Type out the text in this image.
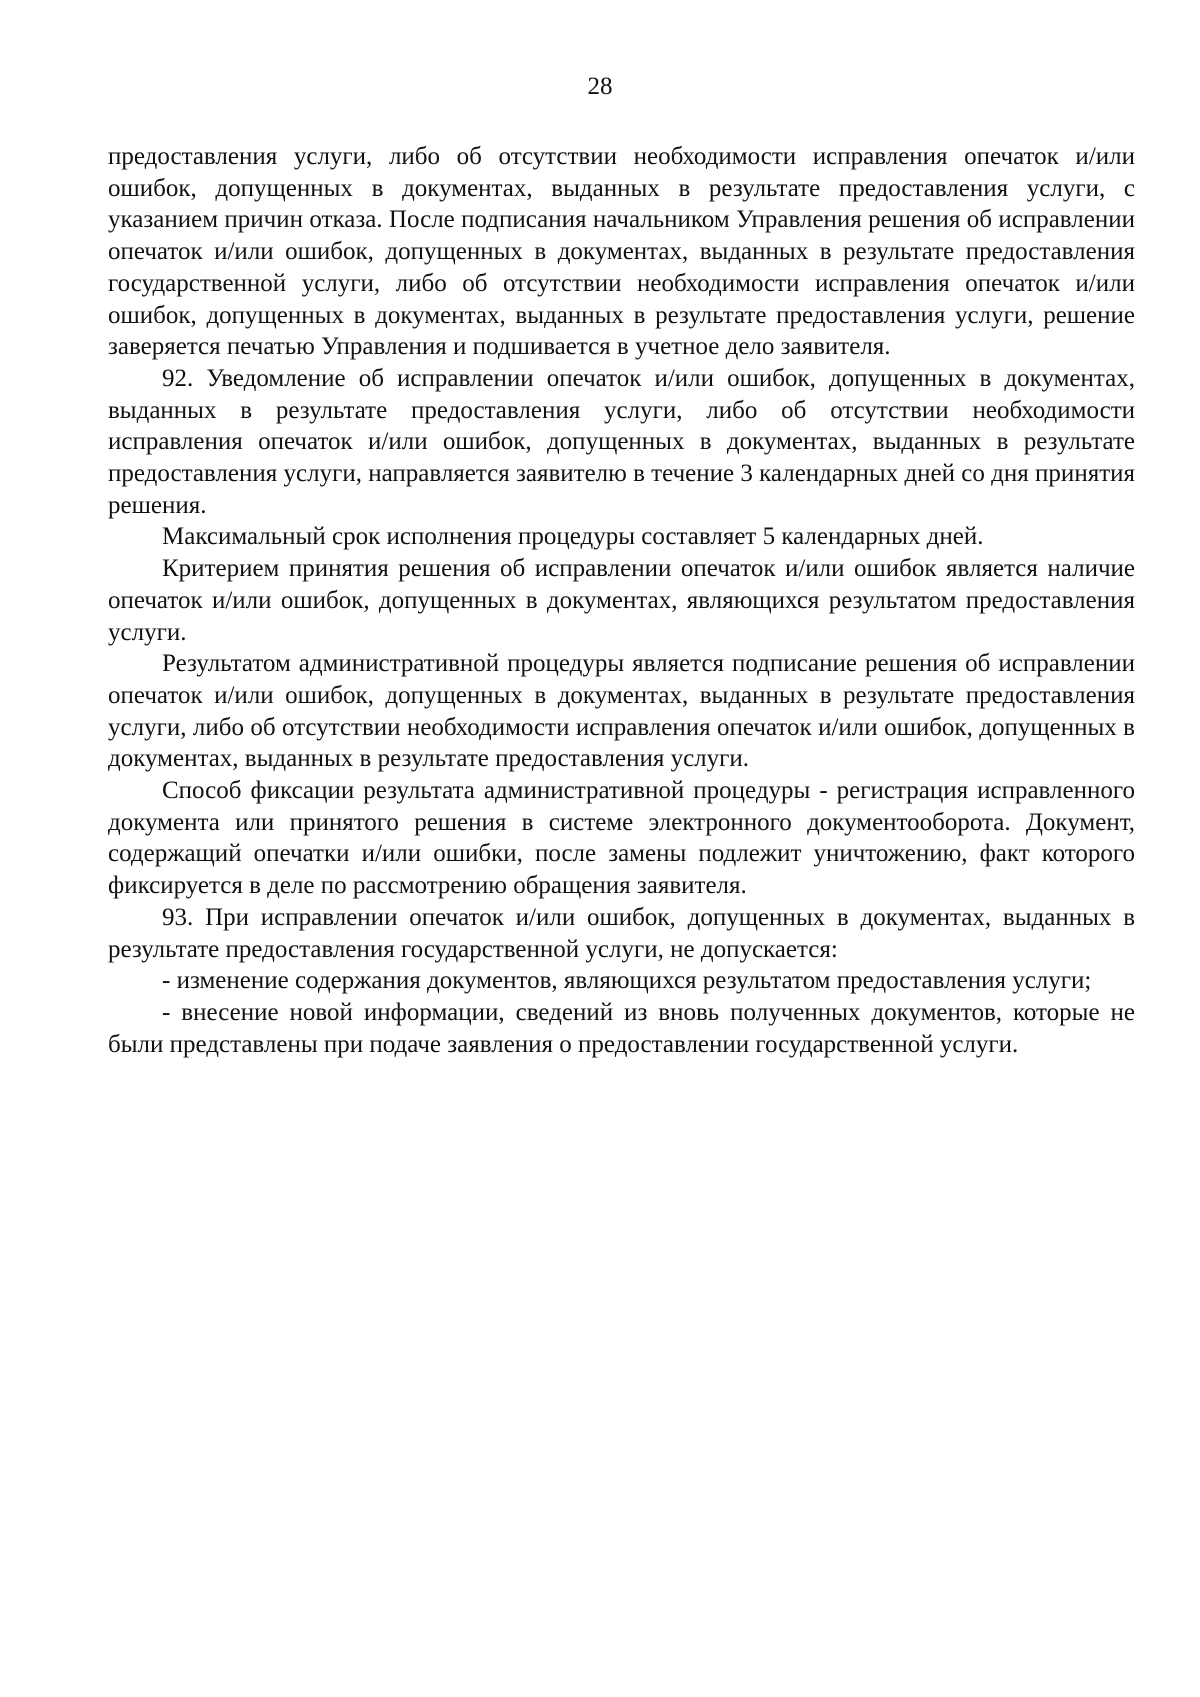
28

предоставления услуги, либо об отсутствии необходимости исправления опечаток и/или ошибок, допущенных в документах, выданных в результате предоставления услуги, с указанием причин отказа. После подписания начальником Управления решения об исправлении опечаток и/или ошибок, допущенных в документах, выданных в результате предоставления государственной услуги, либо об отсутствии необходимости исправления опечаток и/или ошибок, допущенных в документах, выданных в результате предоставления услуги, решение заверяется печатью Управления и подшивается в учетное дело заявителя.

92. Уведомление об исправлении опечаток и/или ошибок, допущенных в документах, выданных в результате предоставления услуги, либо об отсутствии необходимости исправления опечаток и/или ошибок, допущенных в документах, выданных в результате предоставления услуги, направляется заявителю в течение 3 календарных дней со дня принятия решения.

Максимальный срок исполнения процедуры составляет 5 календарных дней.

Критерием принятия решения об исправлении опечаток и/или ошибок является наличие опечаток и/или ошибок, допущенных в документах, являющихся результатом предоставления услуги.

Результатом административной процедуры является подписание решения об исправлении опечаток и/или ошибок, допущенных в документах, выданных в результате предоставления услуги, либо об отсутствии необходимости исправления опечаток и/или ошибок, допущенных в документах, выданных в результате предоставления услуги.

Способ фиксации результата административной процедуры - регистрация исправленного документа или принятого решения в системе электронного документооборота. Документ, содержащий опечатки и/или ошибки, после замены подлежит уничтожению, факт которого фиксируется в деле по рассмотрению обращения заявителя.

93. При исправлении опечаток и/или ошибок, допущенных в документах, выданных в результате предоставления государственной услуги, не допускается:

- изменение содержания документов, являющихся результатом предоставления услуги;

- внесение новой информации, сведений из вновь полученных документов, которые не были представлены при подаче заявления о предоставлении государственной услуги.
